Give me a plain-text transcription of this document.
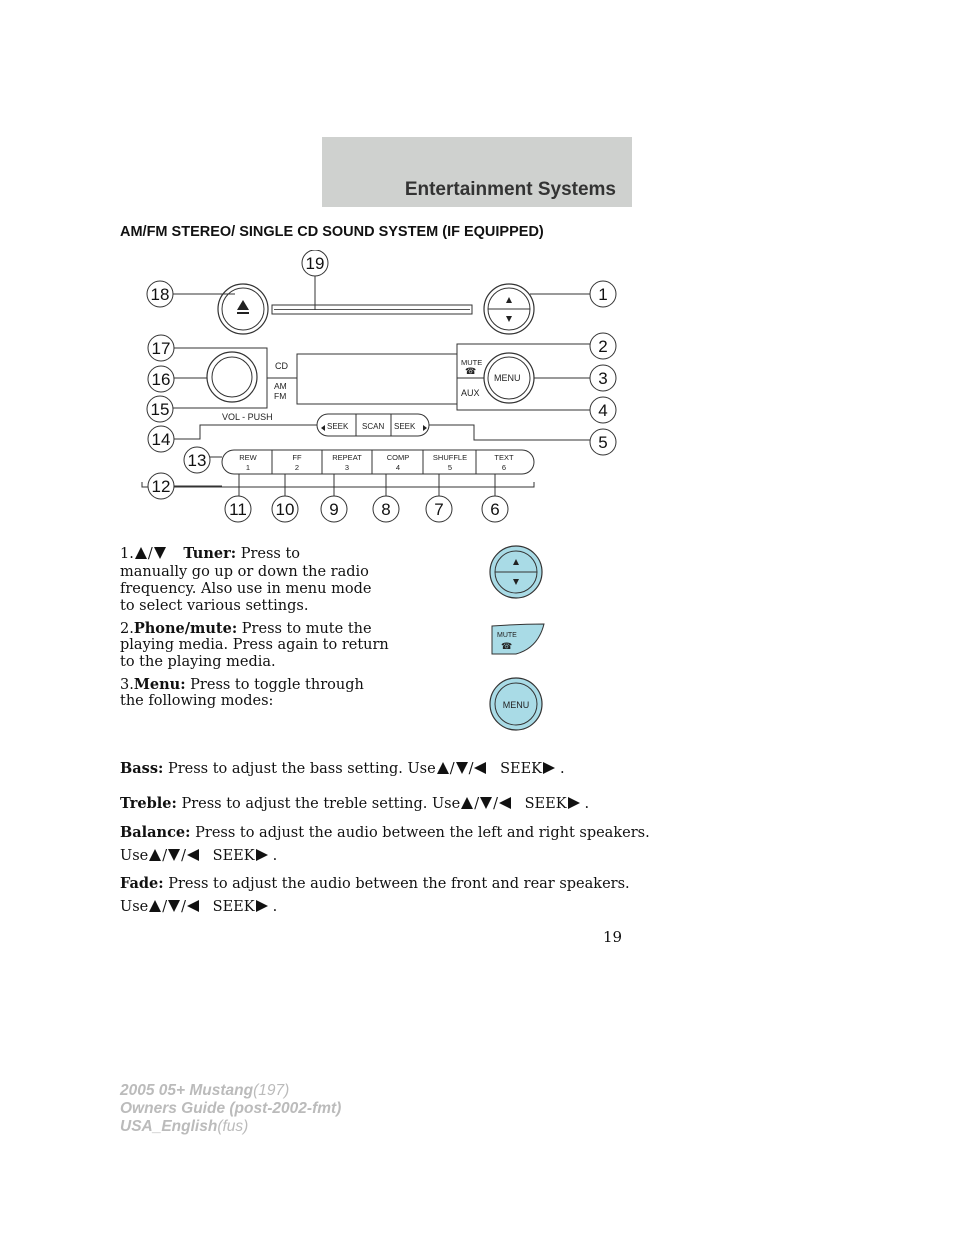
Entertainment Systems
AM/FM STEREO/ SINGLE CD SOUND SYSTEM (IF EQUIPPED)
CD
AM
FM
VOL - PUSH
MUTE
☎
AUX
MENU
SEEK SCAN SEEK
REW
1
FF
2
REPEAT
3
COMP
4
SHUFFLE
5
TEXT
6
19
1
18
17	2
16	3
15	4
14	5
13
12
11 10 9	8	7	6
1. / Tuner: Press to
manually go up or down the radio
frequency. Also use in menu mode
to select various settings.
2.Phone/mute: Press to mute the
playing media. Press again to return
to the playing media.
3.Menu: Press to toggle through
the following modes:
MUTE
☎
MENU
Bass: Press to adjust the bass setting. Use / / SEEK .
Treble: Press to adjust the treble setting. Use / / SEEK .
Balance: Press to adjust the audio between the left and right speakers.
Use / / SEEK .
Fade: Press to adjust the audio between the front and rear speakers.
Use / / SEEK .
19
2005 05+ Mustang(197)
Owners Guide (post-2002-fmt)
USA_English(fus)
